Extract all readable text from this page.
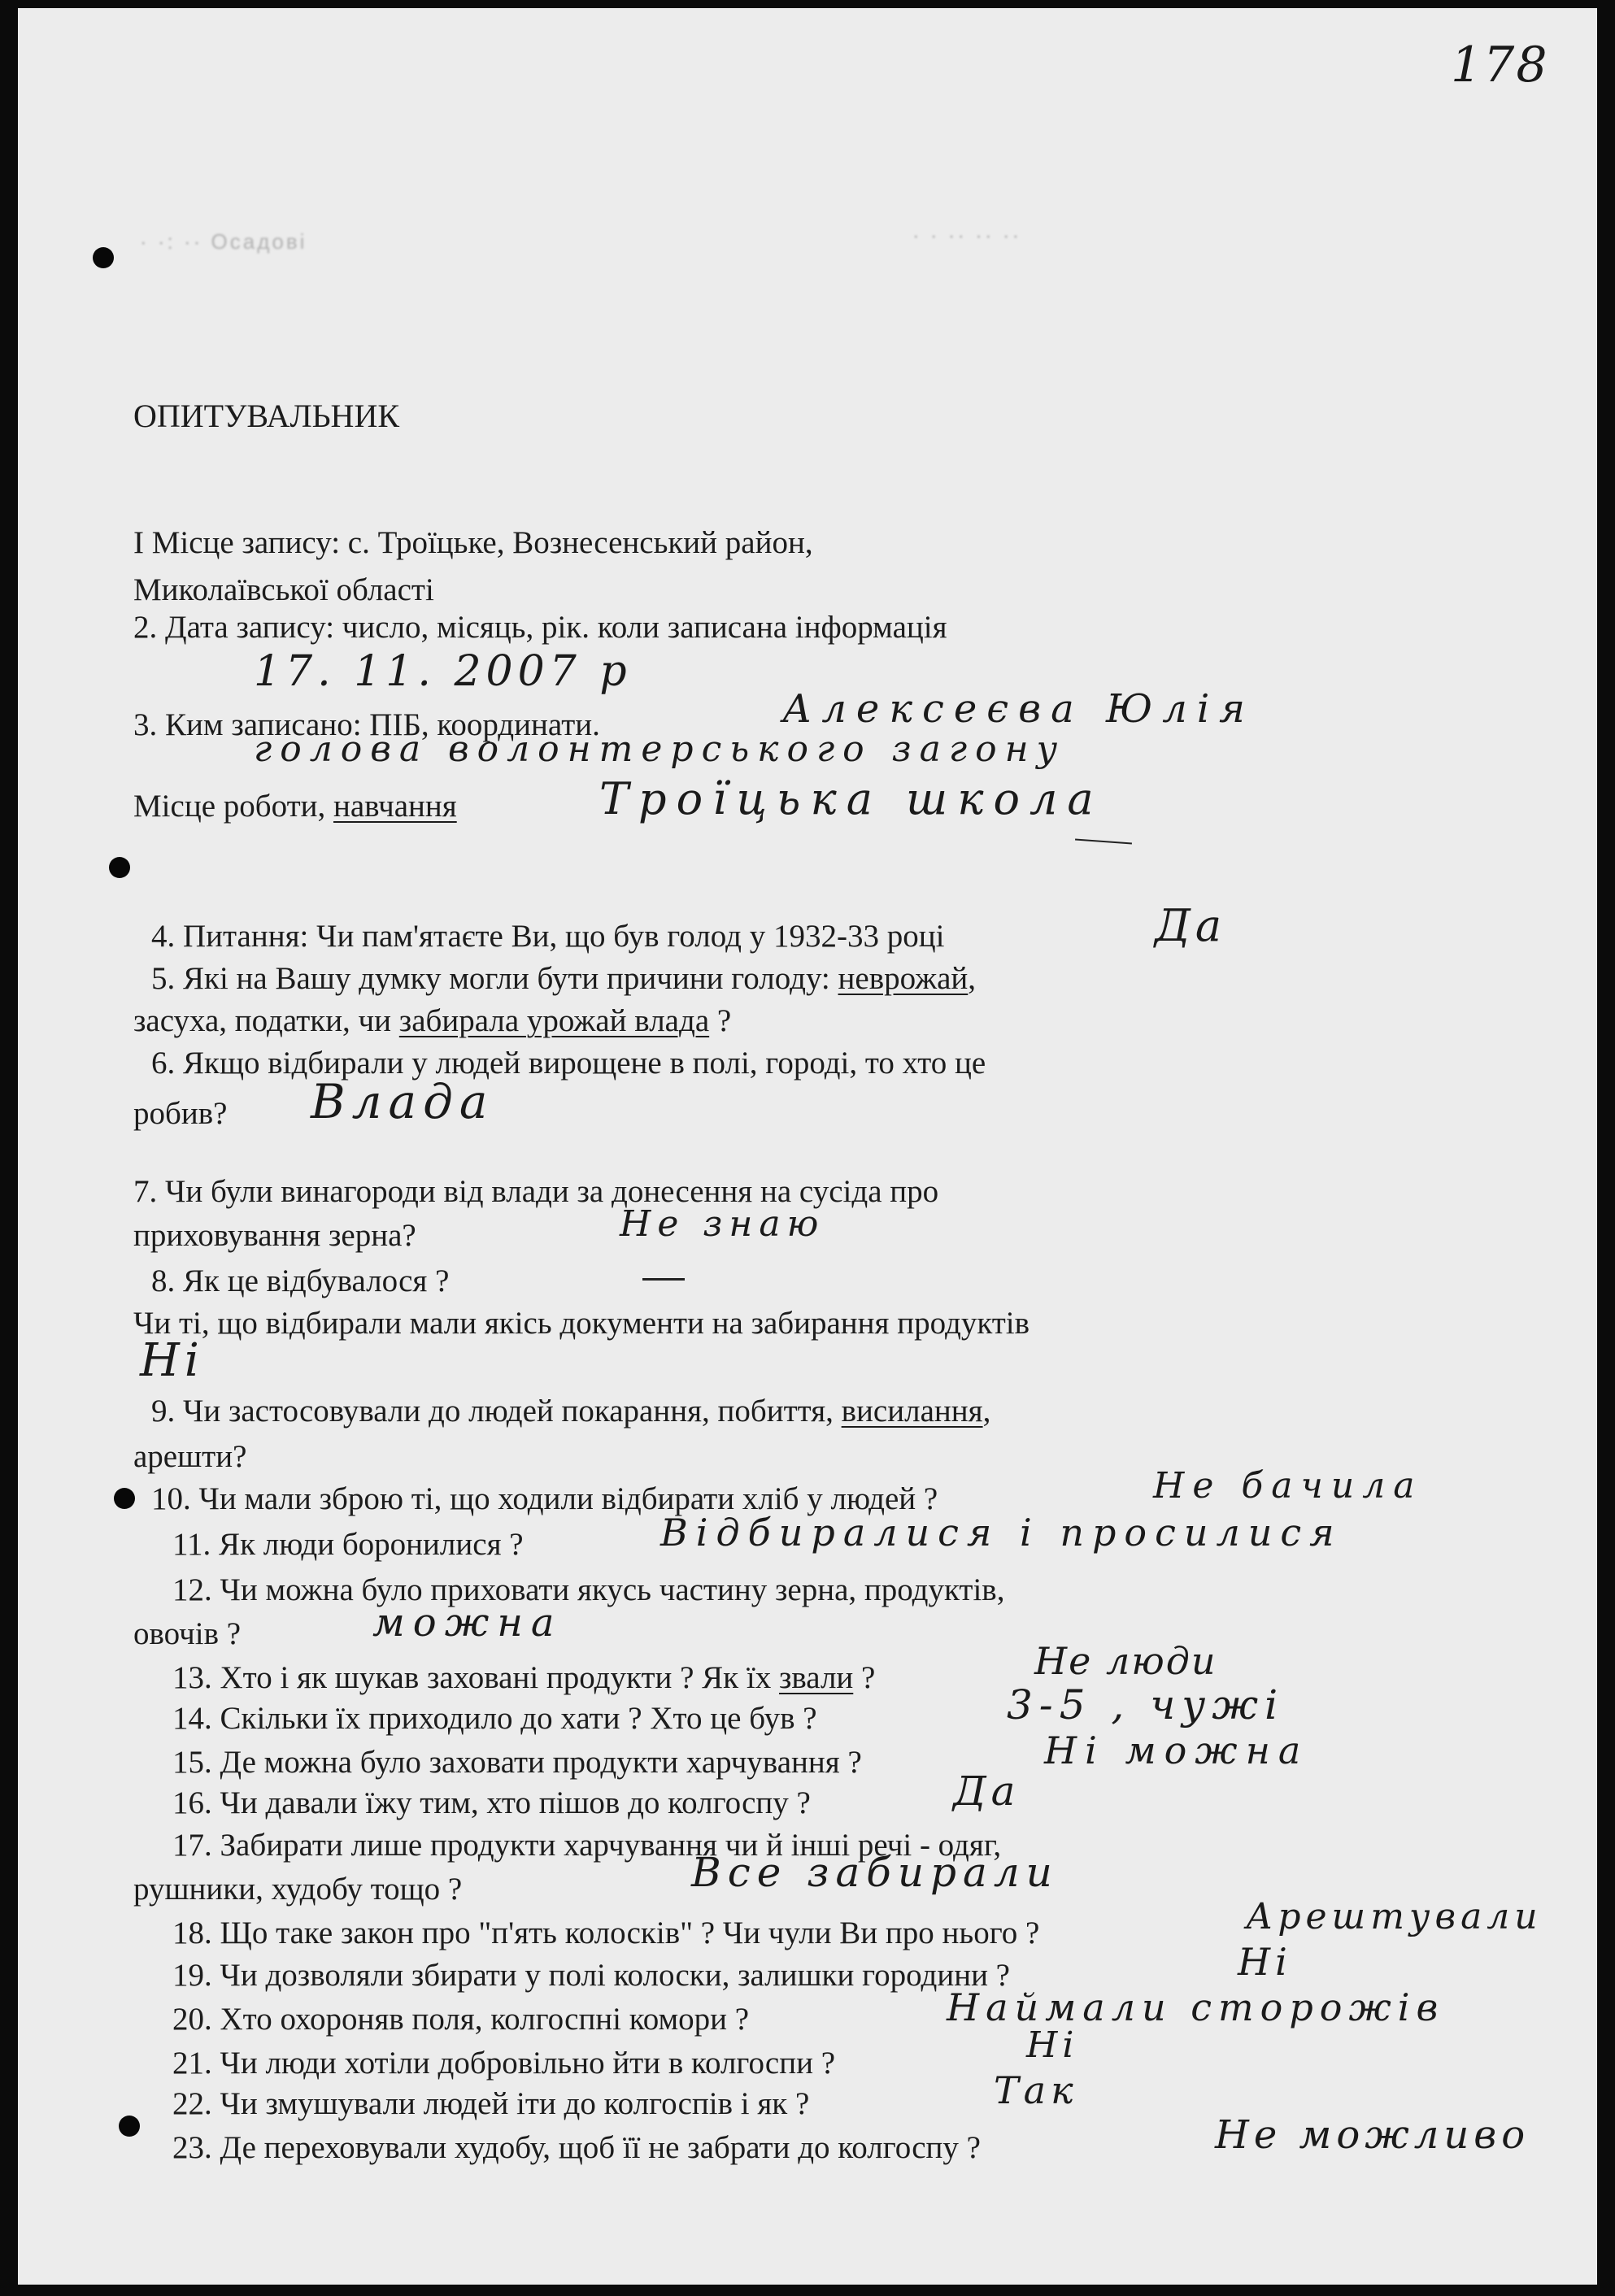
178
· ·: ·· Осадові	· · ·· ·· ··
ОПИТУВАЛЬНИК
І Місце запису: с. Троїцьке, Вознесенський район,
Миколаївської області
2. Дата запису: число, місяць, рік. коли записана інформація
17. 11. 2007 р
3. Ким записано: ПІБ, координати.	Алексеєва Юлія
голова волонтерського загону
Місце роботи, навчання	Троїцька школа
4. Питання: Чи пам'ятаєте Ви, що був голод у 1932-33 році	Да
5. Які на Вашу думку могли бути причини голоду: неврожай,
засуха, податки, чи забирала урожай влада ?
6. Якщо відбирали у людей вирощене в полі, городі, то хто це
робив? Влада
7. Чи були винагороди від влади за донесення на сусіда про
приховування зерна?	Не знаю
8. Як це відбувалося ?
Чи ті, що відбирали мали якісь документи на забирання продуктів
Ні
9. Чи застосовували до людей покарання, побиття, висилання,
арешти?
10. Чи мали зброю ті, що ходили відбирати хліб у людей ?	Не бачила
11. Як люди боронилися ?	Відбиралися і просилися
12. Чи можна було приховати якусь частину зерна, продуктів,
овочів ?	можна
13. Хто і як шукав заховані продукти ? Як їх звали ?	Не люди
14. Скільки їх приходило до хати ? Хто це був ?	3-5 , чужі
15. Де можна було заховати продукти харчування ?	Ні можна
16. Чи давали їжу тим, хто пішов до колгоспу ?	Да
17. Забирати лише продукти харчування чи й інші речі - одяг,
рушники, худобу тощо ?	Все забирали
18. Що таке закон про "п'ять колосків" ? Чи чули Ви про нього ?	Арештували
19. Чи дозволяли збирати у полі колоски, залишки городини ?	Ні
20. Хто охороняв поля, колгоспні комори ?	Наймали сторожів
21. Чи люди хотіли добровільно йти в колгоспи ?	Ні
22. Чи змушували людей іти до колгоспів і як ?	Так
23. Де переховували худобу, щоб її не забрати до колгоспу ?	Не можливо
